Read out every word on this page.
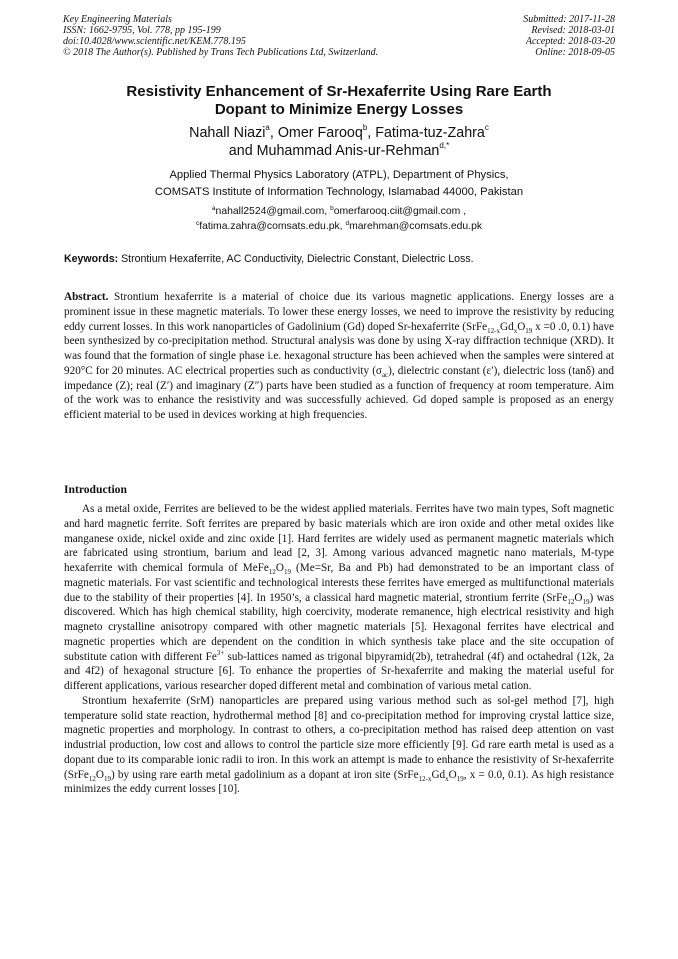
Key Engineering Materials
ISSN: 1662-9795, Vol. 778, pp 195-199
doi:10.4028/www.scientific.net/KEM.778.195
© 2018 The Author(s). Published by Trans Tech Publications Ltd, Switzerland.
Submitted: 2017-11-28
Revised: 2018-03-01
Accepted: 2018-03-20
Online: 2018-09-05
Resistivity Enhancement of Sr-Hexaferrite Using Rare Earth
Dopant to Minimize Energy Losses
Nahall Niazi$^a$, Omer Farooq$^b$, Fatima-tuz-Zahra$^c$
and Muhammad Anis-ur-Rehman$^{d,*}$
Applied Thermal Physics Laboratory (ATPL), Department of Physics,
COMSATS Institute of Information Technology, Islamabad 44000, Pakistan
$^a$nahall2524@gmail.com, $^b$omerfarooq.ciit@gmail.com ,
$^c$fatima.zahra@comsats.edu.pk, $^d$marehman@comsats.edu.pk
Keywords: Strontium Hexaferrite, AC Conductivity, Dielectric Constant, Dielectric Loss.
Abstract. Strontium hexaferrite is a material of choice due its various magnetic applications. Energy losses are a prominent issue in these magnetic materials. To lower these energy losses, we need to improve the resistivity by reducing eddy current losses. In this work nanoparticles of Gadolinium (Gd) doped Sr-hexaferrite ($SrFe_{12-x}Gd_xO_{19}$ x =0 .0, 0.1) have been synthesized by co-precipitation method. Structural analysis was done by using X-ray diffraction technique (XRD). It was found that the formation of single phase i.e. hexagonal structure has been achieved when the samples were sintered at 920°C for 20 minutes. AC electrical properties such as conductivity $(\sigma_{ac})$, dielectric constant (ε′), dielectric loss (tanδ) and impedance (Z); real (Z′) and imaginary (Z″) parts have been studied as a function of frequency at room temperature. Aim of the work was to enhance the resistivity and was successfully achieved. Gd doped sample is proposed as an energy efficient material to be used in devices working at high frequencies.
Introduction

As a metal oxide, Ferrites are believed to be the widest applied materials. Ferrites have two main types, Soft magnetic and hard magnetic ferrite. Soft ferrites are prepared by basic materials which are iron oxide and other metal oxides like manganese oxide, nickel oxide and zinc oxide [1]. Hard ferrites are widely used as permanent magnetic materials which are fabricated using strontium, barium and lead [2, 3]. Among various advanced magnetic nano materials, M-type hexaferrite with chemical formula of $MeFe_{12}O_{19}$ (Me=Sr, Ba and Pb) had demonstrated to be an important class of magnetic materials. For vast scientific and technological interests these ferrites have emerged as multifunctional materials due to the stability of their properties [4]. In 1950’s, a classical hard magnetic material, strontium ferrite $(SrFe_{12}O_{19})$ was discovered. Which has high chemical stability, high coercivity, moderate remanence, high electrical resistivity and high magneto crystalline anisotropy compared with other magnetic materials [5]. Hexagonal ferrites have electrical and magnetic properties which are dependent on the condition in which synthesis take place and the site occupation of substitute cation with different $Fe^{3+}$ sub-lattices named as trigonal bipyramid(2b), tetrahedral (4f) and octahedral (12k, 2a and 4f2) of hexagonal structure [6]. To enhance the properties of Sr-hexaferrite and making the material useful for different applications, various researcher doped different metal and combination of various metal cation.

Strontium hexaferrite (SrM) nanoparticles are prepared using various method such as sol-gel method [7], high temperature solid state reaction, hydrothermal method [8] and co-precipitation method for improving crystal lattice size, magnetic properties and morphology. In contrast to others, a co-precipitation method has raised deep attention on vast industrial production, low cost and allows to control the particle size more efficiently [9]. Gd rare earth metal is used as a dopant due to its comparable ionic radii to iron. In this work an attempt is made to enhance the resistivity of Sr-hexaferrite $(SrFe_{12}O_{19})$ by using rare earth metal gadolinium as a dopant at iron site ($SrFe_{12-x}Gd_xO_{19}$, x = 0.0, 0.1). As high resistance minimizes the eddy current losses [10].
